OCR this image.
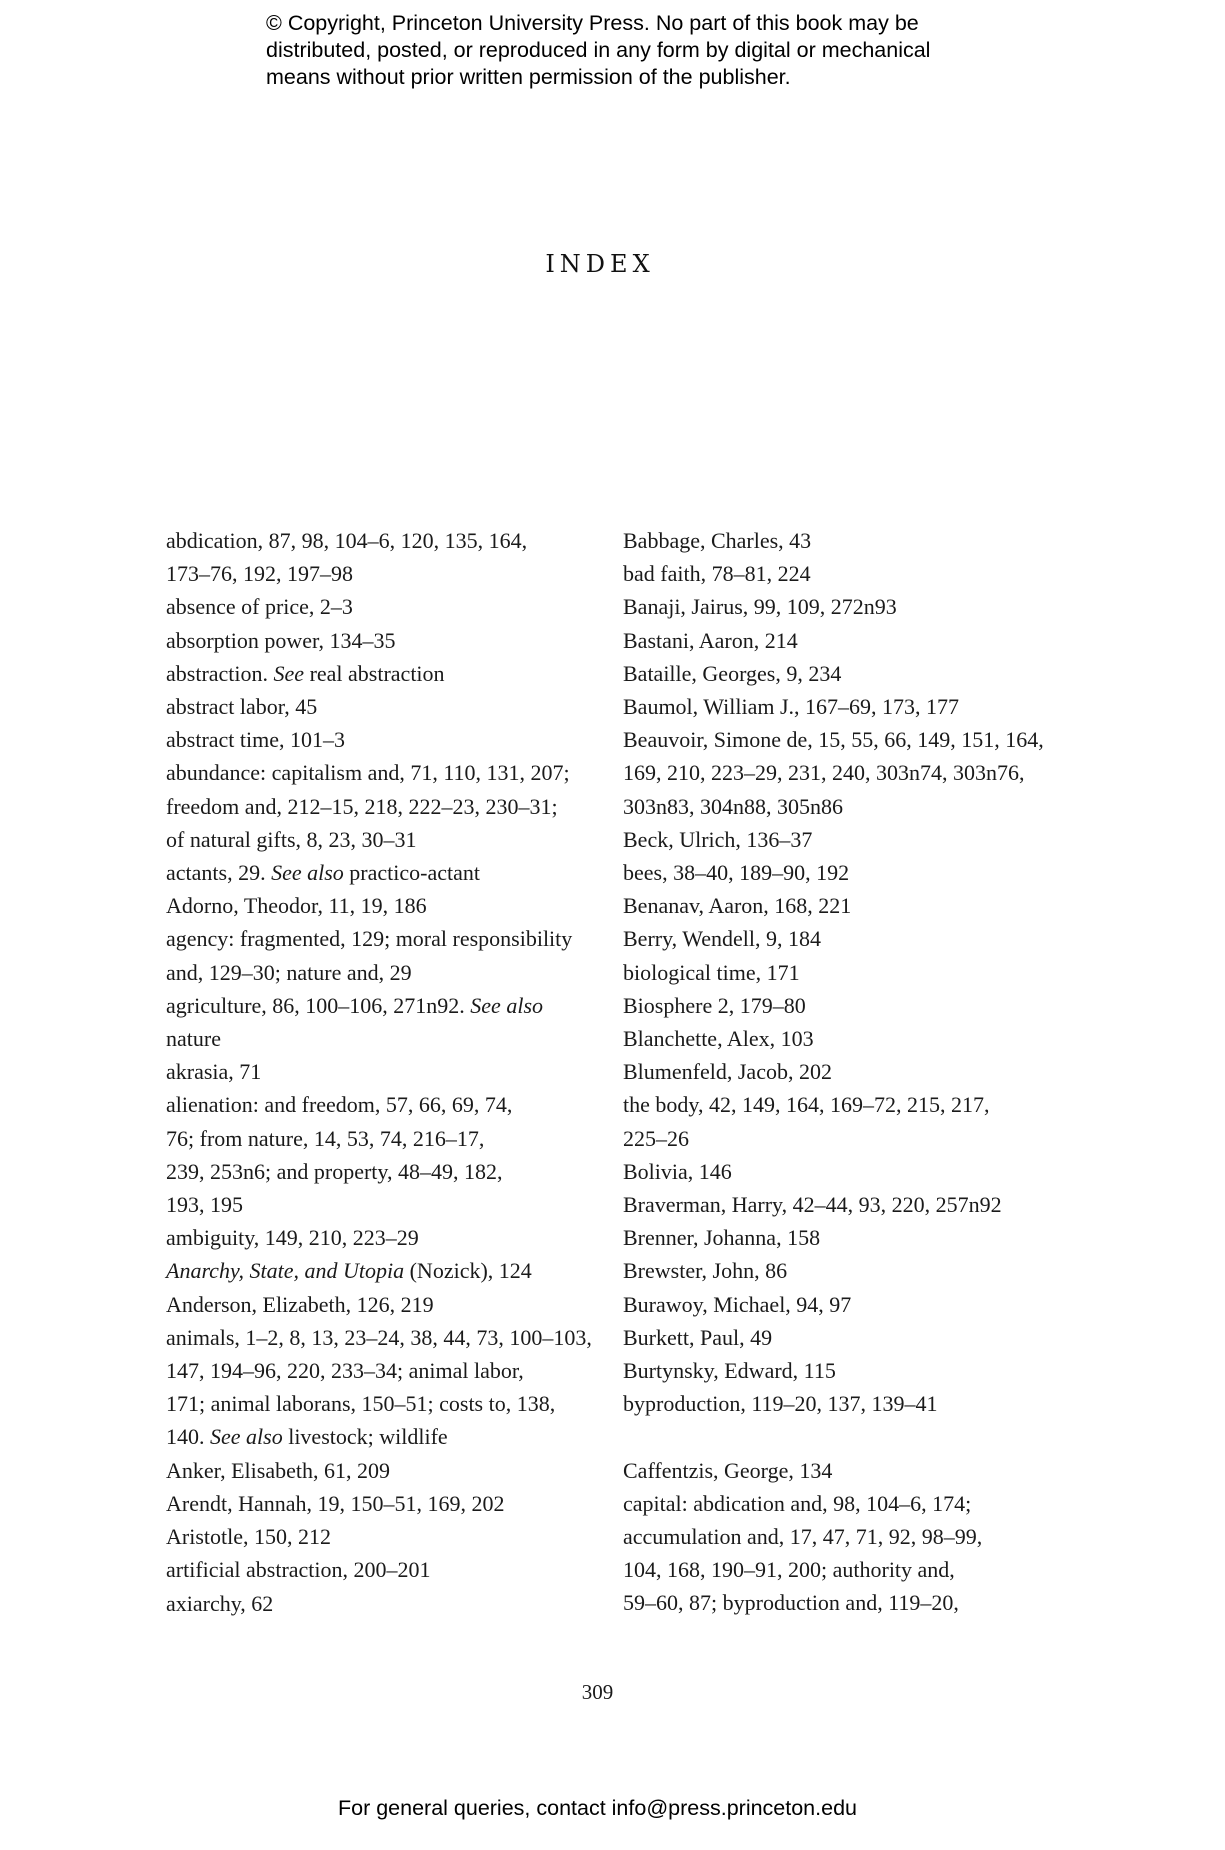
© Copyright, Princeton University Press. No part of this book may be
distributed, posted, or reproduced in any form by digital or mechanical
means without prior written permission of the publisher.
INDEX
abdication, 87, 98, 104–6, 120, 135, 164,
173–76, 192, 197–98
absence of price, 2–3
absorption power, 134–35
abstraction. See real abstraction
abstract labor, 45
abstract time, 101–3
abundance: capitalism and, 71, 110, 131, 207;
freedom and, 212–15, 218, 222–23, 230–31;
of natural gifts, 8, 23, 30–31
actants, 29. See also practico-actant
Adorno, Theodor, 11, 19, 186
agency: fragmented, 129; moral responsibility
and, 129–30; nature and, 29
agriculture, 86, 100–106, 271n92. See also
nature
akrasia, 71
alienation: and freedom, 57, 66, 69, 74,
76; from nature, 14, 53, 74, 216–17,
239, 253n6; and property, 48–49, 182,
193, 195
ambiguity, 149, 210, 223–29
Anarchy, State, and Utopia (Nozick), 124
Anderson, Elizabeth, 126, 219
animals, 1–2, 8, 13, 23–24, 38, 44, 73, 100–103,
147, 194–96, 220, 233–34; animal labor,
171; animal laborans, 150–51; costs to, 138,
140. See also livestock; wildlife
Anker, Elisabeth, 61, 209
Arendt, Hannah, 19, 150–51, 169, 202
Aristotle, 150, 212
artificial abstraction, 200–201
axiarchy, 62
Babbage, Charles, 43
bad faith, 78–81, 224
Banaji, Jairus, 99, 109, 272n93
Bastani, Aaron, 214
Bataille, Georges, 9, 234
Baumol, William J., 167–69, 173, 177
Beauvoir, Simone de, 15, 55, 66, 149, 151, 164,
169, 210, 223–29, 231, 240, 303n74, 303n76,
303n83, 304n88, 305n86
Beck, Ulrich, 136–37
bees, 38–40, 189–90, 192
Benanav, Aaron, 168, 221
Berry, Wendell, 9, 184
biological time, 171
Biosphere 2, 179–80
Blanchette, Alex, 103
Blumenfeld, Jacob, 202
the body, 42, 149, 164, 169–72, 215, 217,
225–26
Bolivia, 146
Braverman, Harry, 42–44, 93, 220, 257n92
Brenner, Johanna, 158
Brewster, John, 86
Burawoy, Michael, 94, 97
Burkett, Paul, 49
Burtynsky, Edward, 115
byproduction, 119–20, 137, 139–41
Caffentzis, George, 134
capital: abdication and, 98, 104–6, 174;
accumulation and, 17, 47, 71, 92, 98–99,
104, 168, 190–91, 200; authority and,
59–60, 87; byproduction and, 119–20,
309
For general queries, contact info@press.princeton.edu
